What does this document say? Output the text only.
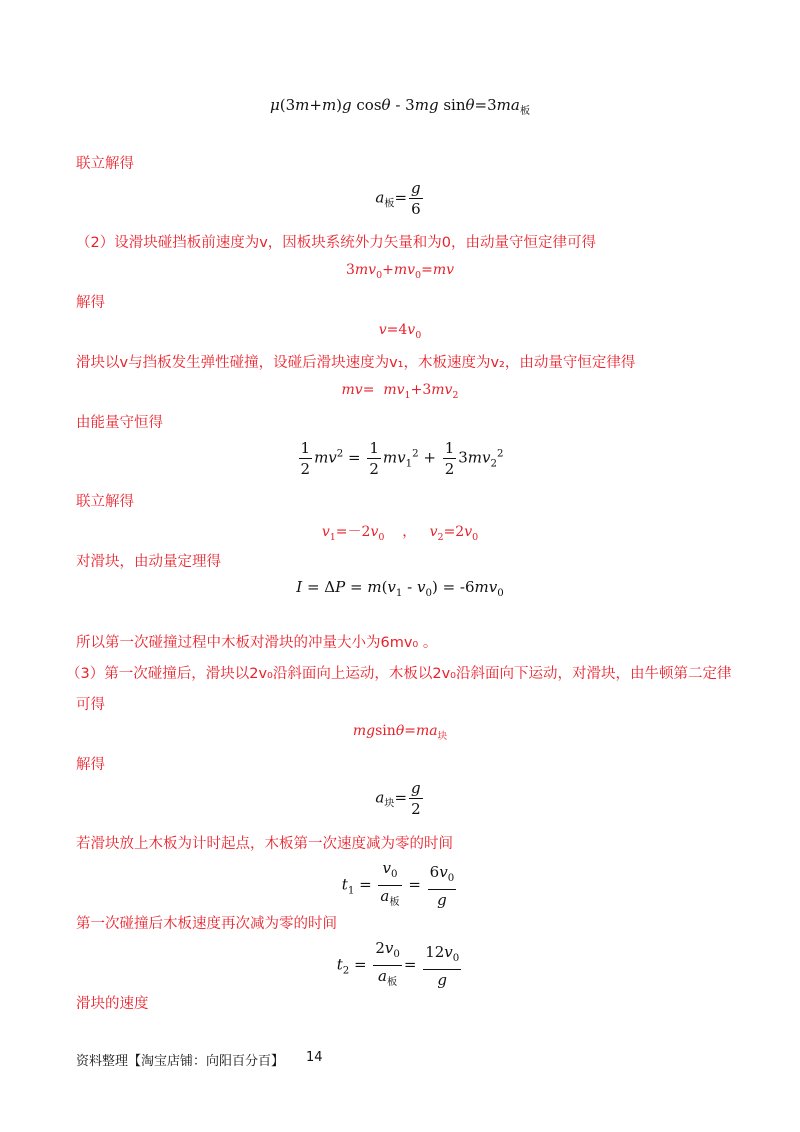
μ(3m+m)g cosθ - 3mg $\sin\theta=3ma_板$
联立解得
$a_板= \frac{g}{6}$
（2）设滑块碰挡板前速度为v，因板块系统外力矢量和为0，由动量守恒定律可得
$3mv_0+mv_0=mv$
解得
$v=4v_0$
滑块以v与挡板发生弹性碰撞，设碰后滑块速度为v₁，木板速度为v₂，由动量守恒定律得
$mv= mv_1+3mv_2$
由能量守恒得
$\frac{1}{2} mv^2 = \frac{1}{2} mv_1^2 + \frac{1}{2} 3mv_2^2$
联立解得
$v_1=-2v_0$    ，   $v_2=2v_0$
对滑块，由动量定理得
$I = \Delta P = m(v_1 - v_0) = -6mv_0$
所以第一次碰撞过程中木板对滑块的冲量大小为6mv₀ 。
（3）第一次碰撞后，滑块以2v₀沿斜面向上运动，木板以2v₀沿斜面向下运动，对滑块，由牛顿第二定律
可得
$mgsin\theta=ma_块$
解得
$a_块= \frac{g}{2}$
若滑块放上木板为计时起点，木板第一次速度减为零的时间
$t_1 = \frac{v_0}{a_板} = \frac{6v_0}{g}$
第一次碰撞后木板速度再次减为零的时间
$t_2 = \frac{2v_0}{a_板} = \frac{12v_0}{g}$
滑块的速度
资料整理【淘宝店铺：向阳百分百】 14
